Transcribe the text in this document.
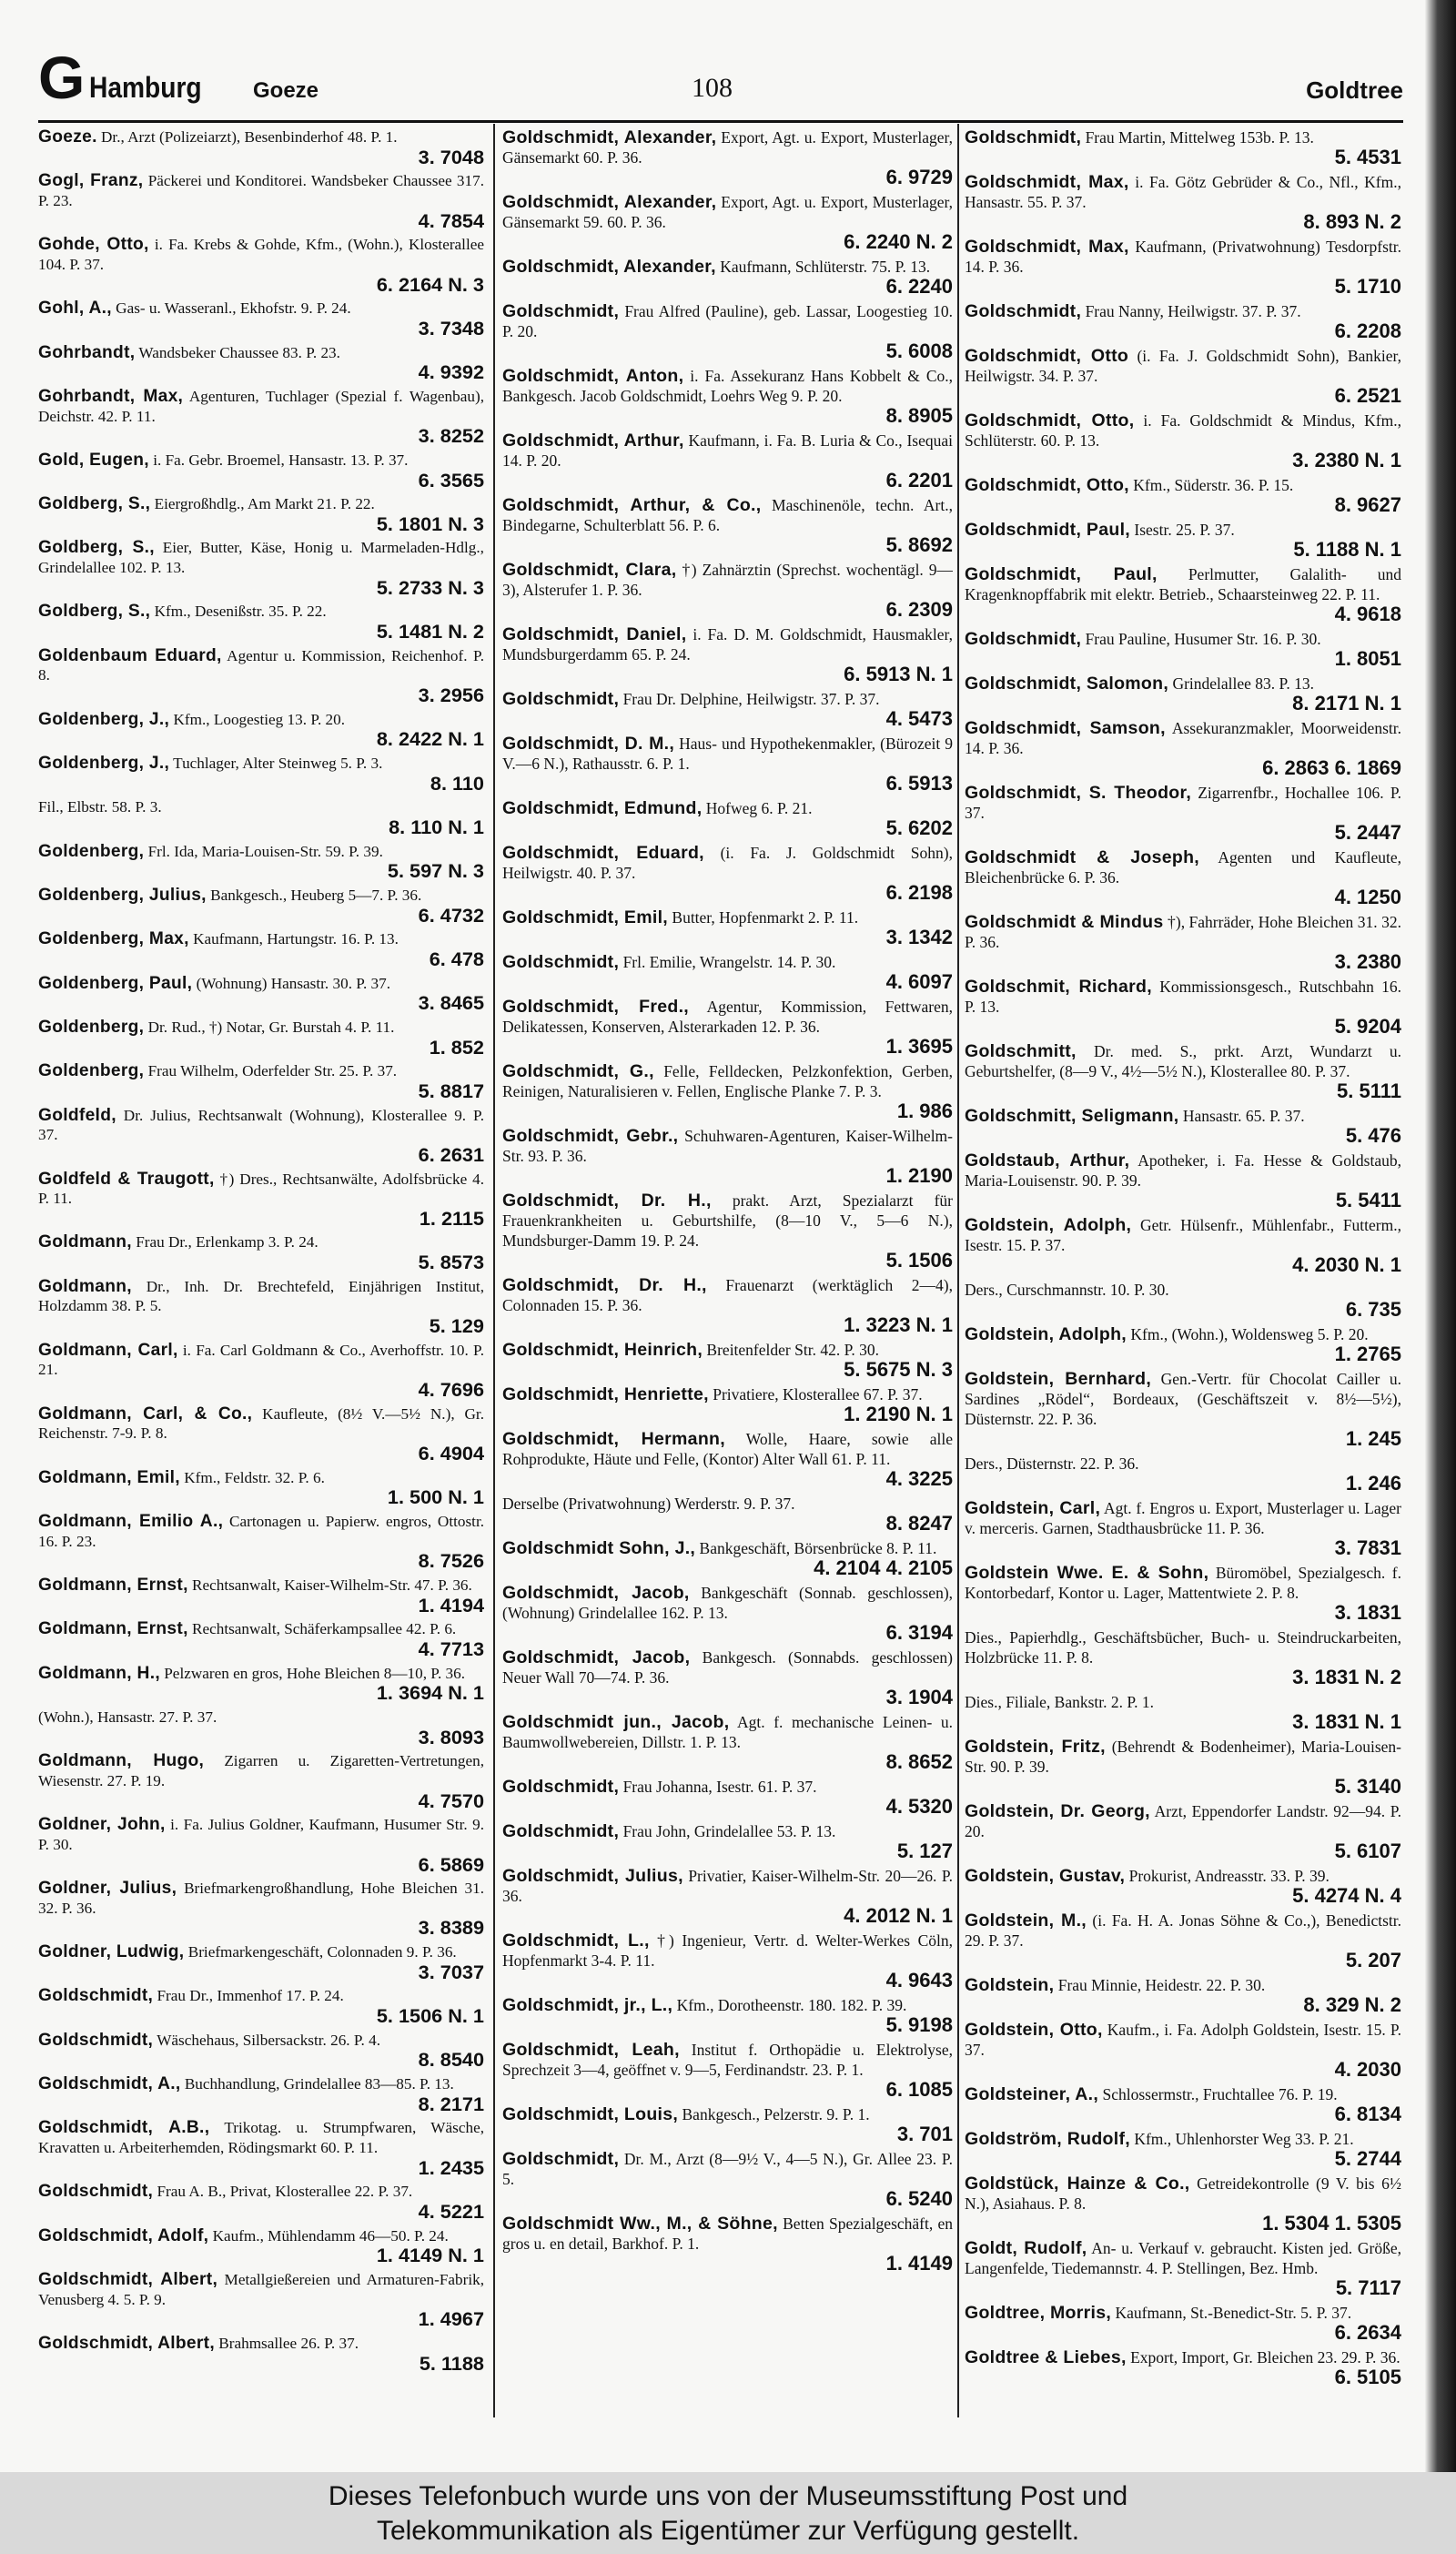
G Hamburg Goeze	108	Goldtree
Goeze. Dr., Arzt (Polizeiarzt), Besenbinderhof 48. P. 1.
3. 7048
Gogl, Franz, Päckerei und Konditorei. Wandsbeker Chaussee 317. P. 23.
4. 7854
Gohde, Otto, i. Fa. Krebs & Gohde, Kfm., (Wohn.), Klosterallee 104. P. 37.
6. 2164 N. 3
Gohl, A., Gas- u. Wasseranl., Ekhofstr. 9. P. 24.
3. 7348
Gohrbandt, Wandsbeker Chaussee 83. P. 23.
4. 9392
Gohrbandt, Max, Agenturen, Tuchlager (Spezial f. Wagenbau), Deichstr. 42. P. 11.
3. 8252
Gold, Eugen, i. Fa. Gebr. Broemel, Hansastr. 13. P. 37.
6. 3565
Goldberg, S., Eiergroßhdlg., Am Markt 21. P. 22.
5. 1801 N. 3
Goldberg, S., Eier, Butter, Käse, Honig u. Marmeladen-Hdlg., Grindelallee 102. P. 13.
5. 2733 N. 3
Goldberg, S., Kfm., Desenißstr. 35. P. 22.
5. 1481 N. 2
Goldenbaum Eduard, Agentur u. Kommission, Reichenhof. P. 8.
3. 2956
Goldenberg, J., Kfm., Loogestieg 13. P. 20.
8. 2422 N. 1
Goldenberg, J., Tuchlager, Alter Steinweg 5. P. 3.
8. 110
Fil., Elbstr. 58. P. 3.
8. 110 N. 1
Goldenberg, Frl. Ida, Maria-Louisen-Str. 59. P. 39.
5. 597 N. 3
Goldenberg, Julius, Bankgesch., Heuberg 5—7. P. 36.
6. 4732
Goldenberg, Max, Kaufmann, Hartungstr. 16. P. 13.
6. 478
Goldenberg, Paul, (Wohnung) Hansastr. 30. P. 37.
3. 8465
Goldenberg, Dr. Rud., †) Notar, Gr. Burstah 4. P. 11.
1. 852
Goldenberg, Frau Wilhelm, Oderfelder Str. 25. P. 37.
5. 8817
Goldfeld, Dr. Julius, Rechtsanwalt (Wohnung), Klosterallee 9. P. 37.
6. 2631
Goldfeld & Traugott, †) Dres., Rechtsanwälte, Adolfsbrücke 4. P. 11.
1. 2115
Goldmann, Frau Dr., Erlenkamp 3. P. 24.
5. 8573
Goldmann, Dr., Inh. Dr. Brechtefeld, Einjährigen Institut, Holzdamm 38. P. 5.
5. 129
Goldmann, Carl, i. Fa. Carl Goldmann & Co., Averhoffstr. 10. P. 21.
4. 7696
Goldmann, Carl, & Co., Kaufleute, (8½ V.—5½ N.), Gr. Reichenstr. 7-9. P. 8.
6. 4904
Goldmann, Emil, Kfm., Feldstr. 32. P. 6.
1. 500 N. 1
Goldmann, Emilio A., Cartonagen u. Papierw. engros, Ottostr. 16. P. 23.
8. 7526
Goldmann, Ernst, Rechtsanwalt, Kaiser-Wilhelm-Str. 47. P. 36.
1. 4194
Goldmann, Ernst, Rechtsanwalt, Schäferkampsallee 42. P. 6.
4. 7713
Goldmann, H., Pelzwaren en gros, Hohe Bleichen 8—10, P. 36.
1. 3694 N. 1
(Wohn.), Hansastr. 27. P. 37.
3. 8093
Goldmann, Hugo, Zigarren u. Zigaretten-Vertretungen, Wiesenstr. 27. P. 19.
4. 7570
Goldner, John, i. Fa. Julius Goldner, Kaufmann, Husumer Str. 9. P. 30.
6. 5869
Goldner, Julius, Briefmarkengroßhandlung, Hohe Bleichen 31. 32. P. 36.
3. 8389
Goldner, Ludwig, Briefmarkengeschäft, Colonnaden 9. P. 36.
3. 7037
Goldschmidt, Frau Dr., Immenhof 17. P. 24.
5. 1506 N. 1
Goldschmidt, Wäschehaus, Silbersackstr. 26. P. 4.
8. 8540
Goldschmidt, A., Buchhandlung, Grindelallee 83—85. P. 13.
8. 2171
Goldschmidt, A.B., Trikotag. u. Strumpfwaren, Wäsche, Kravatten u. Arbeiterhemden, Rödingsmarkt 60. P. 11.
1. 2435
Goldschmidt, Frau A. B., Privat, Klosterallee 22. P. 37.
4. 5221
Goldschmidt, Adolf, Kaufm., Mühlendamm 46—50. P. 24.
1. 4149 N. 1
Goldschmidt, Albert, Metallgießereien und Armaturen-Fabrik, Venusberg 4. 5. P. 9.
1. 4967
Goldschmidt, Albert, Brahmsallee 26. P. 37.
5. 1188
Goldschmidt, Alexander, Export, Agt. u. Export, Musterlager, Gänsemarkt 60. P. 36.
6. 9729
Goldschmidt, Alexander, Export, Agt. u. Export, Musterlager, Gänsemarkt 59. 60. P. 36.
6. 2240 N. 2
Goldschmidt, Alexander, Kaufmann, Schlüterstr. 75. P. 13.
6. 2240
Goldschmidt, Frau Alfred (Pauline), geb. Lassar, Loogestieg 10. P. 20.
5. 6008
Goldschmidt, Anton, i. Fa. Assekuranz Hans Kobbelt & Co., Bankgesch. Jacob Goldschmidt, Loehrs Weg 9. P. 20.
8. 8905
Goldschmidt, Arthur, Kaufmann, i. Fa. B. Luria & Co., Isequai 14. P. 20.
6. 2201
Goldschmidt, Arthur, & Co., Maschinenöle, techn. Art., Bindegarne, Schulterblatt 56. P. 6.
5. 8692
Goldschmidt, Clara, †) Zahnärztin (Sprechst. wochentägl. 9—3), Alsterufer 1. P. 36.
6. 2309
Goldschmidt, Daniel, i. Fa. D. M. Goldschmidt, Hausmakler, Mundsburgerdamm 65. P. 24.
6. 5913 N. 1
Goldschmidt, Frau Dr. Delphine, Heilwigstr. 37. P. 37.
4. 5473
Goldschmidt, D. M., Haus- und Hypothekenmakler, (Bürozeit 9 V.—6 N.), Rathausstr. 6. P. 1.
6. 5913
Goldschmidt, Edmund, Hofweg 6. P. 21.
5. 6202
Goldschmidt, Eduard, (i. Fa. J. Goldschmidt Sohn), Heilwigstr. 40. P. 37.
6. 2198
Goldschmidt, Emil, Butter, Hopfenmarkt 2. P. 11.
3. 1342
Goldschmidt, Frl. Emilie, Wrangelstr. 14. P. 30.
4. 6097
Goldschmidt, Fred., Agentur, Kommission, Fettwaren, Delikatessen, Konserven, Alsterarkaden 12. P. 36.
1. 3695
Goldschmidt, G., Felle, Felldecken, Pelzkonfektion, Gerben, Reinigen, Naturalisieren v. Fellen, Englische Planke 7. P. 3.
1. 986
Goldschmidt, Gebr., Schuhwaren-Agenturen, Kaiser-Wilhelm-Str. 93. P. 36.
1. 2190
Goldschmidt, Dr. H., prakt. Arzt, Spezialarzt für Frauenkrankheiten u. Geburtshilfe, (8—10 V., 5—6 N.), Mundsburger-Damm 19. P. 24.
5. 1506
Goldschmidt, Dr. H., Frauenarzt (werktäglich 2—4), Colonnaden 15. P. 36.
1. 3223 N. 1
Goldschmidt, Heinrich, Breitenfelder Str. 42. P. 30.
5. 5675 N. 3
Goldschmidt, Henriette, Privatiere, Klosterallee 67. P. 37.
1. 2190 N. 1
Goldschmidt, Hermann, Wolle, Haare, sowie alle Rohprodukte, Häute und Felle, (Kontor) Alter Wall 61. P. 11.
4. 3225
Derselbe (Privatwohnung) Werderstr. 9. P. 37.
8. 8247
Goldschmidt Sohn, J., Bankgeschäft, Börsenbrücke 8. P. 11.
4. 2104 4. 2105
Goldschmidt, Jacob, Bankgeschäft (Sonnab. geschlossen), (Wohnung) Grindelallee 162. P. 13.
6. 3194
Goldschmidt, Jacob, Bankgesch. (Sonnabds. geschlossen) Neuer Wall 70—74. P. 36.
3. 1904
Goldschmidt jun., Jacob, Agt. f. mechanische Leinen- u. Baumwollwebereien, Dillstr. 1. P. 13.
8. 8652
Goldschmidt, Frau Johanna, Isestr. 61. P. 37.
4. 5320
Goldschmidt, Frau John, Grindelallee 53. P. 13.
5. 127
Goldschmidt, Julius, Privatier, Kaiser-Wilhelm-Str. 20—26. P. 36.
4. 2012 N. 1
Goldschmidt, L., †) Ingenieur, Vertr. d. Welter-Werkes Cöln, Hopfenmarkt 3-4. P. 11.
4. 9643
Goldschmidt, jr., L., Kfm., Dorotheenstr. 180. 182. P. 39.
5. 9198
Goldschmidt, Leah, Institut f. Orthopädie u. Elektrolyse, Sprechzeit 3—4, geöffnet v. 9—5, Ferdinandstr. 23. P. 1.
6. 1085
Goldschmidt, Louis, Bankgesch., Pelzerstr. 9. P. 1.
3. 701
Goldschmidt, Dr. M., Arzt (8—9½ V., 4—5 N.), Gr. Allee 23. P. 5.
6. 5240
Goldschmidt Ww., M., & Söhne, Betten Spezialgeschäft, en gros u. en detail, Barkhof. P. 1.
1. 4149
Goldschmidt, Frau Martin, Mittelweg 153b. P. 13.
5. 4531
Goldschmidt, Max, i. Fa. Götz Gebrüder & Co., Nfl., Kfm., Hansastr. 55. P. 37.
8. 893 N. 2
Goldschmidt, Max, Kaufmann, (Privatwohnung) Tesdorpfstr. 14. P. 36.
5. 1710
Goldschmidt, Frau Nanny, Heilwigstr. 37. P. 37.
6. 2208
Goldschmidt, Otto (i. Fa. J. Goldschmidt Sohn), Bankier, Heilwigstr. 34. P. 37.
6. 2521
Goldschmidt, Otto, i. Fa. Goldschmidt & Mindus, Kfm., Schlüterstr. 60. P. 13.
3. 2380 N. 1
Goldschmidt, Otto, Kfm., Süderstr. 36. P. 15.
8. 9627
Goldschmidt, Paul, Isestr. 25. P. 37.
5. 1188 N. 1
Goldschmidt, Paul, Perlmutter, Galalith- und Kragenknopffabrik mit elektr. Betrieb., Schaarsteinweg 22. P. 11.
4. 9618
Goldschmidt, Frau Pauline, Husumer Str. 16. P. 30.
1. 8051
Goldschmidt, Salomon, Grindelallee 83. P. 13.
8. 2171 N. 1
Goldschmidt, Samson, Assekuranzmakler, Moorweidenstr. 14. P. 36.
6. 2863 6. 1869
Goldschmidt, S. Theodor, Zigarrenfbr., Hochallee 106. P. 37.
5. 2447
Goldschmidt & Joseph, Agenten und Kaufleute, Bleichenbrücke 6. P. 36.
4. 1250
Goldschmidt & Mindus †), Fahrräder, Hohe Bleichen 31. 32. P. 36.
3. 2380
Goldschmit, Richard, Kommissionsgesch., Rutschbahn 16. P. 13.
5. 9204
Goldschmitt, Dr. med. S., prkt. Arzt, Wundarzt u. Geburtshelfer, (8—9 V., 4½—5½ N.), Klosterallee 80. P. 37.
5. 5111
Goldschmitt, Seligmann, Hansastr. 65. P. 37.
5. 476
Goldstaub, Arthur, Apotheker, i. Fa. Hesse & Goldstaub, Maria-Louisenstr. 90. P. 39.
5. 5411
Goldstein, Adolph, Getr. Hülsenfr., Mühlenfabr., Futterm., Isestr. 15. P. 37.
4. 2030 N. 1
Ders., Curschmannstr. 10. P. 30.
6. 735
Goldstein, Adolph, Kfm., (Wohn.), Woldensweg 5. P. 20.
1. 2765
Goldstein, Bernhard, Gen.-Vertr. für Chocolat Cailler u. Sardines „Rödel“, Bordeaux, (Geschäftszeit v. 8½—5½), Düsternstr. 22. P. 36.
1. 245
Ders., Düsternstr. 22. P. 36.
1. 246
Goldstein, Carl, Agt. f. Engros u. Export, Musterlager u. Lager v. merceris. Garnen, Stadthausbrücke 11. P. 36.
3. 7831
Goldstein Wwe. E. & Sohn, Büromöbel, Spezialgesch. f. Kontorbedarf, Kontor u. Lager, Mattentwiete 2. P. 8.
3. 1831
Dies., Papierhdlg., Geschäftsbücher, Buch- u. Steindruckarbeiten, Holzbrücke 11. P. 8.
3. 1831 N. 2
Dies., Filiale, Bankstr. 2. P. 1.
3. 1831 N. 1
Goldstein, Fritz, (Behrendt & Bodenheimer), Maria-Louisen-Str. 90. P. 39.
5. 3140
Goldstein, Dr. Georg, Arzt, Eppendorfer Landstr. 92—94. P. 20.
5. 6107
Goldstein, Gustav, Prokurist, Andreasstr. 33. P. 39.
5. 4274 N. 4
Goldstein, M., (i. Fa. H. A. Jonas Söhne & Co.,), Benedictstr. 29. P. 37.
5. 207
Goldstein, Frau Minnie, Heidestr. 22. P. 30.
8. 329 N. 2
Goldstein, Otto, Kaufm., i. Fa. Adolph Goldstein, Isestr. 15. P. 37.
4. 2030
Goldsteiner, A., Schlossermstr., Fruchtallee 76. P. 19.
6. 8134
Goldström, Rudolf, Kfm., Uhlenhorster Weg 33. P. 21.
5. 2744
Goldstück, Hainze & Co., Getreidekontrolle (9 V. bis 6½ N.), Asiahaus. P. 8.
1. 5304 1. 5305
Goldt, Rudolf, An- u. Verkauf v. gebraucht. Kisten jed. Größe, Langenfelde, Tiedemannstr. 4. P. Stellingen, Bez. Hmb.
5. 7117
Goldtree, Morris, Kaufmann, St.-Benedict-Str. 5. P. 37.
6. 2634
Goldtree & Liebes, Export, Import, Gr. Bleichen 23. 29. P. 36.
6. 5105
Dieses Telefonbuch wurde uns von der Museumsstiftung Post und
Telekommunikation als Eigentümer zur Verfügung gestellt.
